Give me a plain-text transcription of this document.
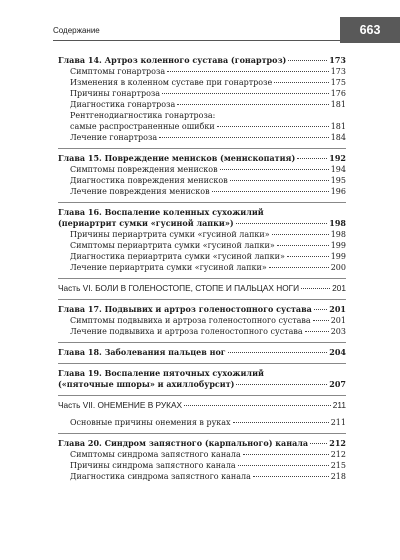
Содержание	663
Глава 14. Артроз коленного сустава (гонартроз)	173
Симптомы гонартроза	173
Изменения в коленном суставе при гонартрозе	175
Причины гонартроза	176
Диагностика гонартроза	181
Рентгенодиагностика гонартроза:
самые распространенные ошибки	181
Лечение гонартроза	184
Глава 15. Повреждение менисков (менископатия)	192
Симптомы повреждения менисков	194
Диагностика повреждения менисков	195
Лечение повреждения менисков	196
Глава 16. Воспаление коленных сухожилий
(периартрит сумки «гусиной лапки»)	198
Причины периартрита сумки «гусиной лапки»	198
Симптомы периартрита сумки «гусиной лапки»	199
Диагностика периартрита сумки «гусиной лапки»	199
Лечение периартрита сумки «гусиной лапки»	200
Часть VI. БОЛИ В ГОЛЕНОСТОПЕ, СТОПЕ И ПАЛЬЦАХ НОГИ	201
Глава 17. Подвывих и артроз голеностопного сустава 201
Симптомы подвывиха и артроза голеностопного сустава	201
Лечение подвывиха и артроза голеностопного сустава	203
Глава 18. Заболевания пальцев ног	204
Глава 19. Воспаление пяточных сухожилий
(«пяточные шпоры» и ахиллобурсит)	207
Часть VII. ОНЕМЕНИЕ В РУКАХ	211
Основные причины онемения в руках	211
Глава 20. Синдром запястного (карпального) канала	212
Симптомы синдрома запястного канала	212
Причины синдрома запястного канала	215
Диагностика синдрома запястного канала	218
